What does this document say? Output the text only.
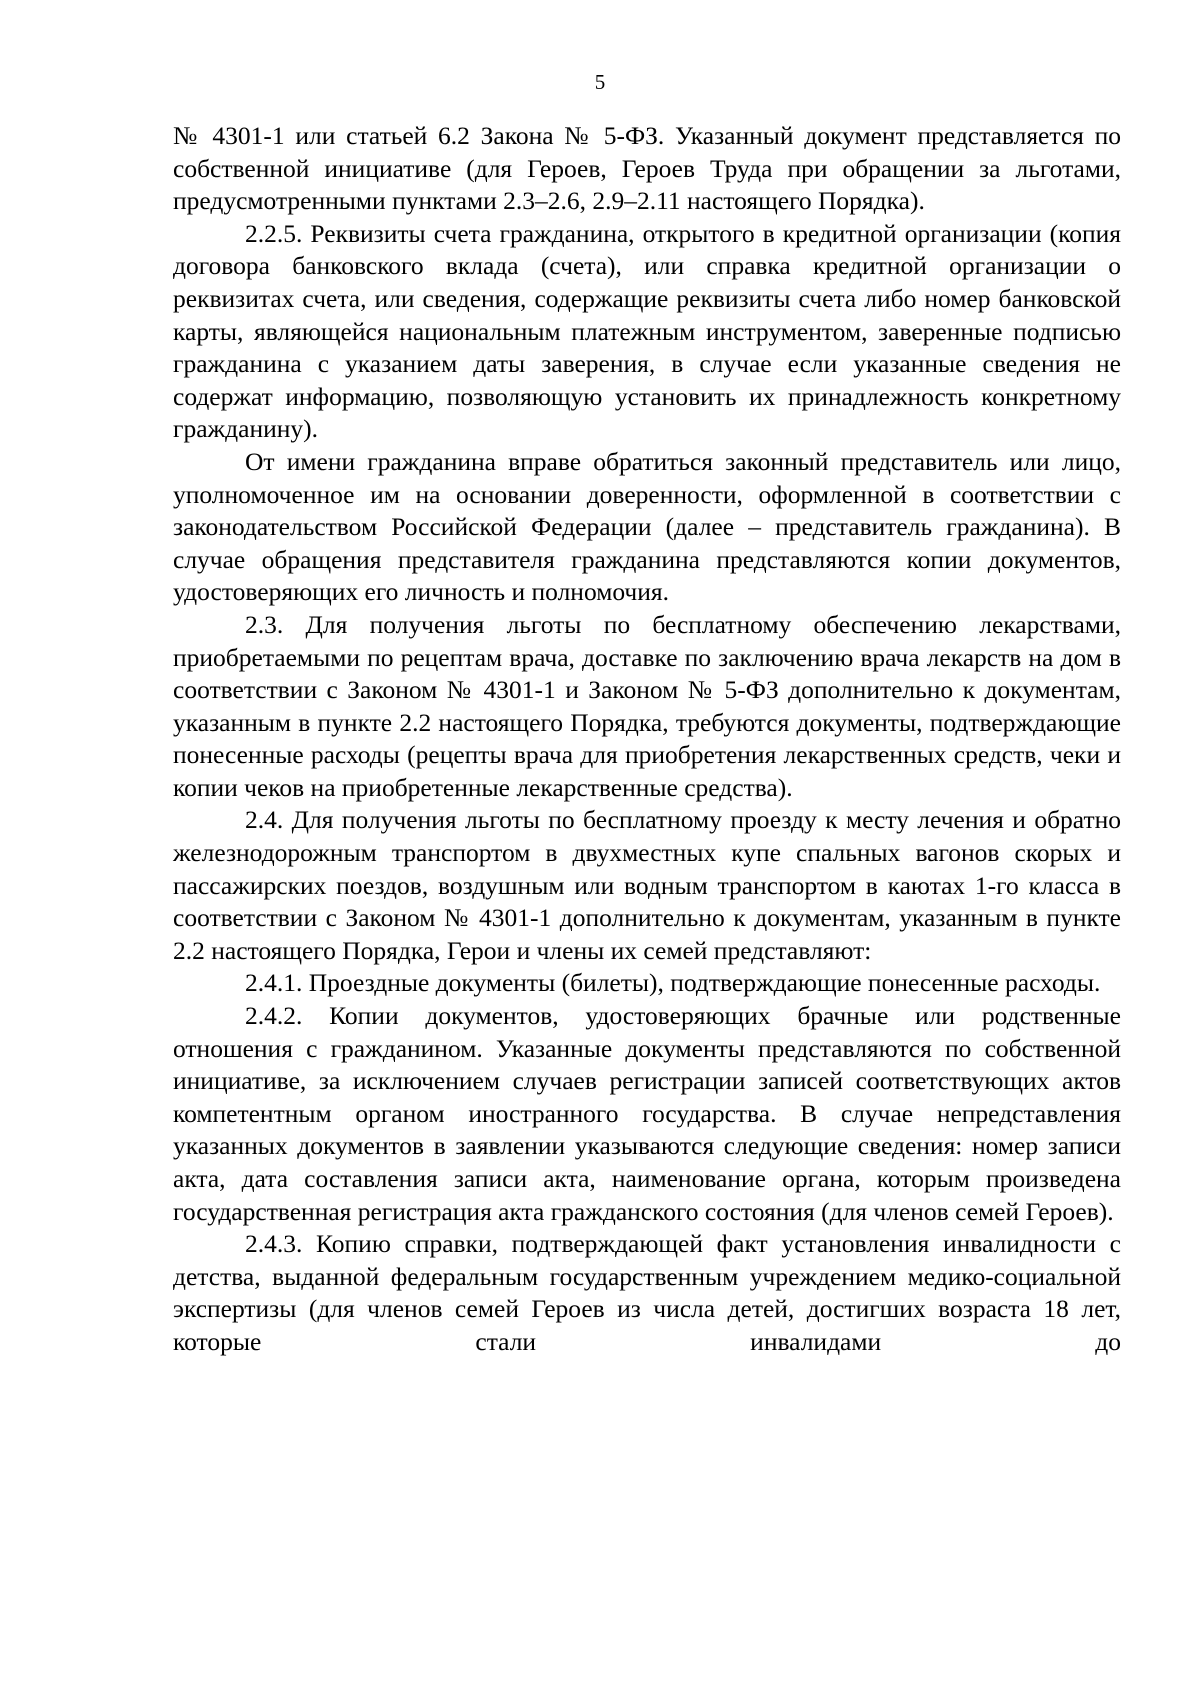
5

№ 4301-1 или статьей 6.2 Закона № 5-ФЗ. Указанный документ представляется по собственной инициативе (для Героев, Героев Труда при обращении за льготами, предусмотренными пунктами 2.3–2.6, 2.9–2.11 настоящего Порядка).

2.2.5. Реквизиты счета гражданина, открытого в кредитной организации (копия договора банковского вклада (счета), или справка кредитной организации о реквизитах счета, или сведения, содержащие реквизиты счета либо номер банковской карты, являющейся национальным платежным инструментом, заверенные подписью гражданина с указанием даты заверения, в случае если указанные сведения не содержат информацию, позволяющую установить их принадлежность конкретному гражданину).

От имени гражданина вправе обратиться законный представитель или лицо, уполномоченное им на основании доверенности, оформленной в соответствии с законодательством Российской Федерации (далее – представитель гражданина). В случае обращения представителя гражданина представляются копии документов, удостоверяющих его личность и полномочия.

2.3. Для получения льготы по бесплатному обеспечению лекарствами, приобретаемыми по рецептам врача, доставке по заключению врача лекарств на дом в соответствии с Законом № 4301-1 и Законом № 5-ФЗ дополнительно к документам, указанным в пункте 2.2 настоящего Порядка, требуются документы, подтверждающие понесенные расходы (рецепты врача для приобретения лекарственных средств, чеки и копии чеков на приобретенные лекарственные средства).

2.4. Для получения льготы по бесплатному проезду к месту лечения и обратно железнодорожным транспортом в двухместных купе спальных вагонов скорых и пассажирских поездов, воздушным или водным транспортом в каютах 1-го класса в соответствии с Законом № 4301-1 дополнительно к документам, указанным в пункте 2.2 настоящего Порядка, Герои и члены их семей представляют:

2.4.1. Проездные документы (билеты), подтверждающие понесенные расходы.

2.4.2. Копии документов, удостоверяющих брачные или родственные отношения с гражданином. Указанные документы представляются по собственной инициативе, за исключением случаев регистрации записей соответствующих актов компетентным органом иностранного государства. В случае непредставления указанных документов в заявлении указываются следующие сведения: номер записи акта, дата составления записи акта, наименование органа, которым произведена государственная регистрация акта гражданского состояния (для членов семей Героев).

2.4.3. Копию справки, подтверждающей факт установления инвалидности с детства, выданной федеральным государственным учреждением медико-социальной экспертизы (для членов семей Героев из числа детей, достигших возраста 18 лет, которые стали инвалидами до
